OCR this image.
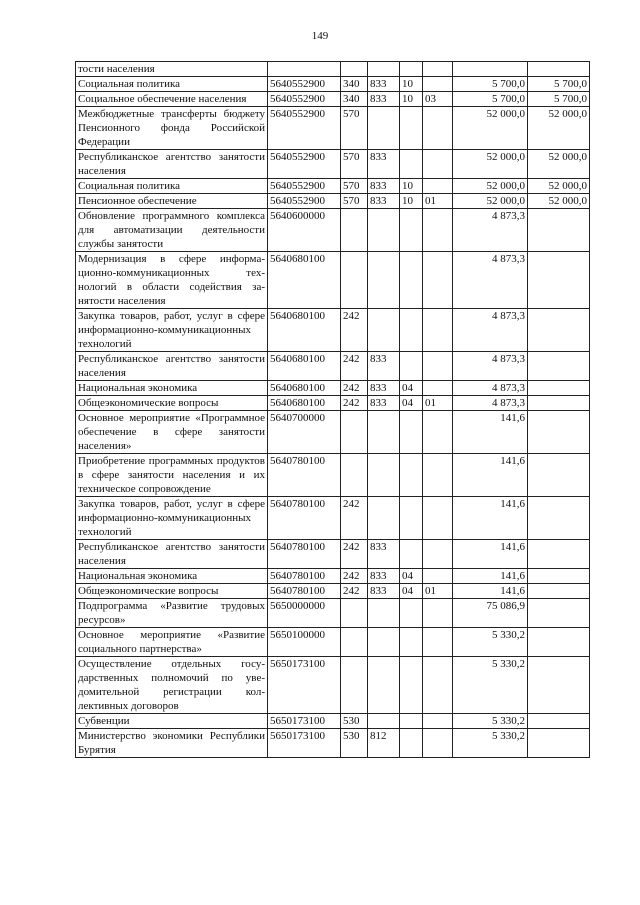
149
тости населения							
Социальная политика	5640552900	340	833	10		5 700,0	5 700,0
Социальное обеспечение населения	5640552900	340	833	10	03	5 700,0	5 700,0
Межбюджетные трансферты бюджету Пенсионного фонда Российской Федерации	5640552900	570				52 000,0	52 000,0
Республиканское агентство занятости населения	5640552900	570	833			52 000,0	52 000,0
Социальная политика	5640552900	570	833	10		52 000,0	52 000,0
Пенсионное обеспечение	5640552900	570	833	10	01	52 000,0	52 000,0
Обновление программного комплекса для автоматизации деятельности службы занятости	5640600000					4 873,3	
Модернизация в сфере информационно-коммуникационных технологий в области содействия занятости населения	5640680100					4 873,3	
Закупка товаров, работ, услуг в сфере информационно-коммуникационных технологий	5640680100	242				4 873,3	
Республиканское агентство занятости населения	5640680100	242	833			4 873,3	
Национальная экономика	5640680100	242	833	04		4 873,3	
Общеэкономические вопросы	5640680100	242	833	04	01	4 873,3	
Основное мероприятие «Программное обеспечение в сфере занятости населения»	5640700000					141,6	
Приобретение программных продуктов в сфере занятости населения и их техническое сопровождение	5640780100					141,6	
Закупка товаров, работ, услуг в сфере информационно-коммуникационных технологий	5640780100	242				141,6	
Республиканское агентство занятости населения	5640780100	242	833			141,6	
Национальная экономика	5640780100	242	833	04		141,6	
Общеэкономические вопросы	5640780100	242	833	04	01	141,6	
Подпрограмма «Развитие трудовых ресурсов»	5650000000					75 086,9	
Основное мероприятие «Развитие социального партнерства»	5650100000					5 330,2	
Осуществление отдельных государственных полномочий по уведомительной регистрации коллективных договоров	5650173100					5 330,2	
Субвенции	5650173100	530				5 330,2	
Министерство экономики Республики Бурятия	5650173100	530	812			5 330,2	
